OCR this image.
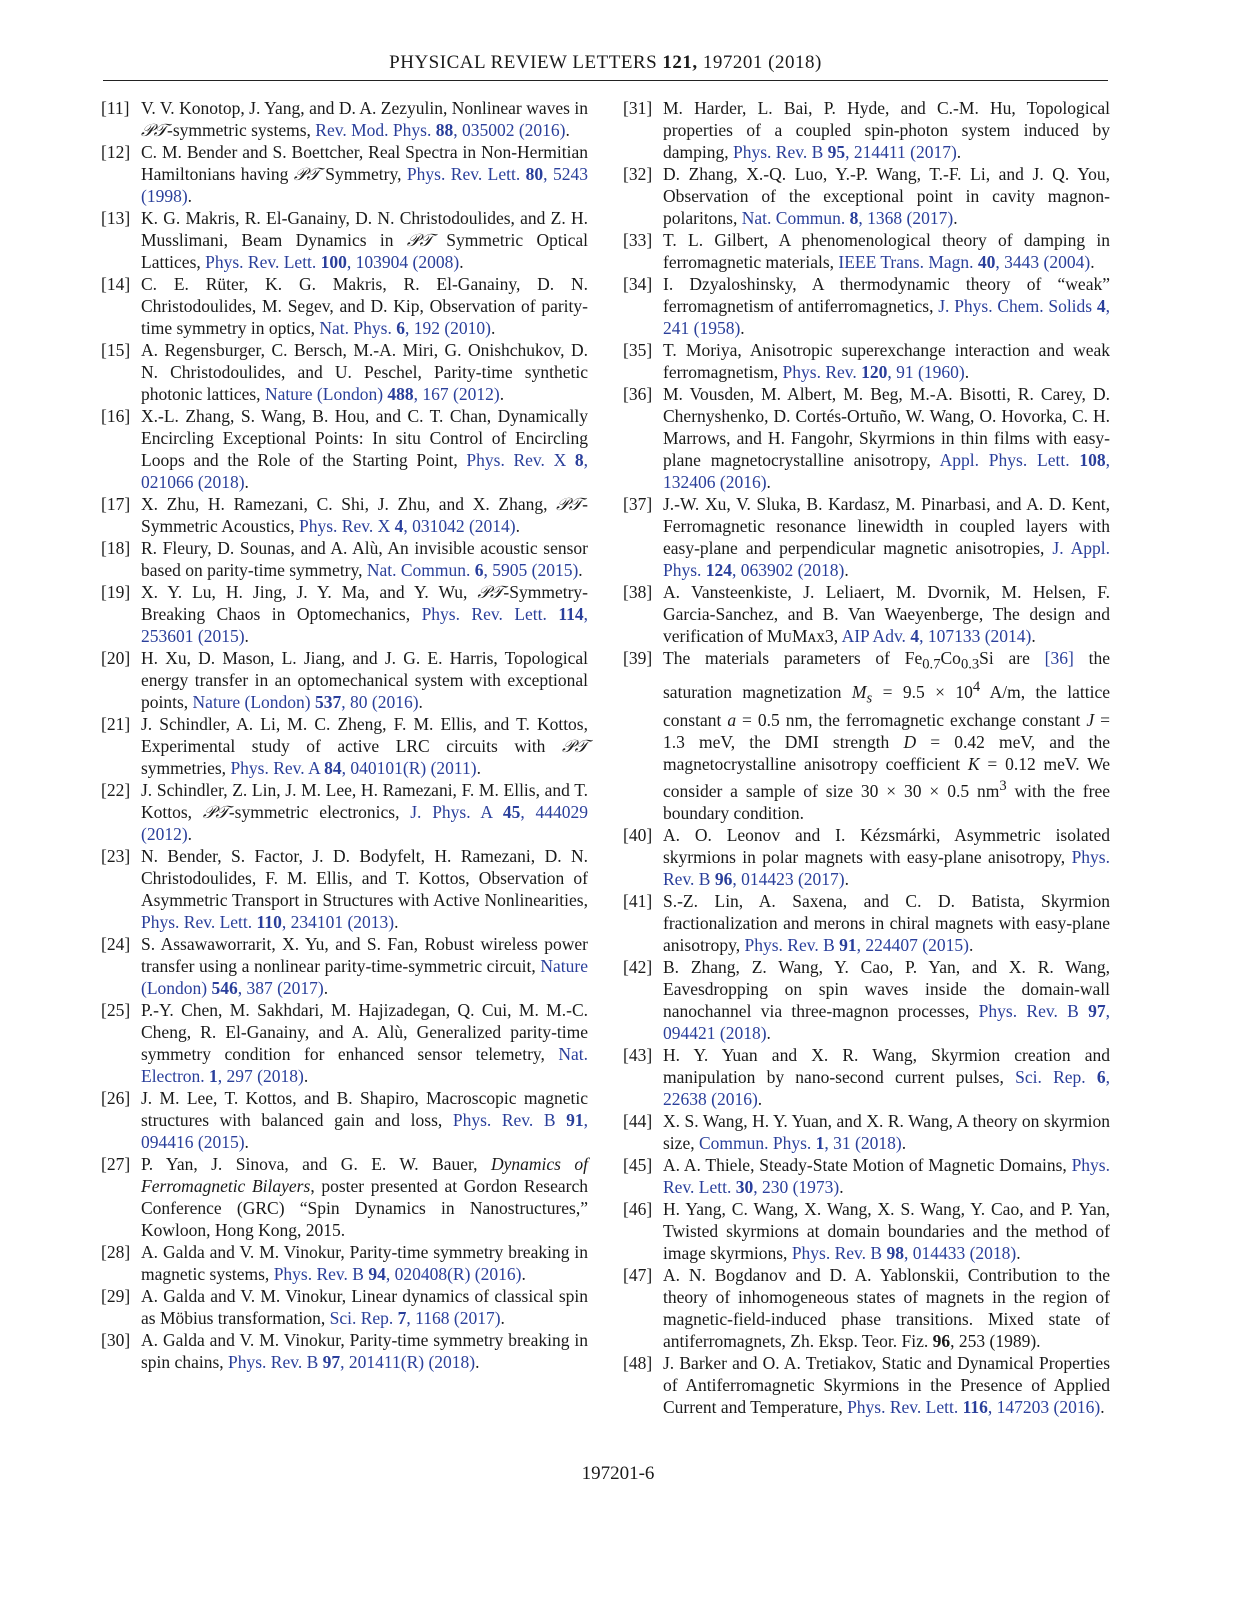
PHYSICAL REVIEW LETTERS 121, 197201 (2018)
[11] V. V. Konotop, J. Yang, and D. A. Zezyulin, Nonlinear waves in 𝒫𝒯-symmetric systems, Rev. Mod. Phys. 88, 035002 (2016).
[12] C. M. Bender and S. Boettcher, Real Spectra in Non-Hermitian Hamiltonians having 𝒫𝒯 Symmetry, Phys. Rev. Lett. 80, 5243 (1998).
[13] K. G. Makris, R. El-Ganainy, D. N. Christodoulides, and Z. H. Musslimani, Beam Dynamics in 𝒫𝒯 Symmetric Optical Lattices, Phys. Rev. Lett. 100, 103904 (2008).
[14] C. E. Rüter, K. G. Makris, R. El-Ganainy, D. N. Christodoulides, M. Segev, and D. Kip, Observation of parity-time symmetry in optics, Nat. Phys. 6, 192 (2010).
[15] A. Regensburger, C. Bersch, M.-A. Miri, G. Onishchukov, D. N. Christodoulides, and U. Peschel, Parity-time synthetic photonic lattices, Nature (London) 488, 167 (2012).
[16] X.-L. Zhang, S. Wang, B. Hou, and C. T. Chan, Dynamically Encircling Exceptional Points: In situ Control of Encircling Loops and the Role of the Starting Point, Phys. Rev. X 8, 021066 (2018).
[17] X. Zhu, H. Ramezani, C. Shi, J. Zhu, and X. Zhang, 𝒫𝒯-Symmetric Acoustics, Phys. Rev. X 4, 031042 (2014).
[18] R. Fleury, D. Sounas, and A. Alù, An invisible acoustic sensor based on parity-time symmetry, Nat. Commun. 6, 5905 (2015).
[19] X. Y. Lu, H. Jing, J. Y. Ma, and Y. Wu, 𝒫𝒯-Symmetry-Breaking Chaos in Optomechanics, Phys. Rev. Lett. 114, 253601 (2015).
[20] H. Xu, D. Mason, L. Jiang, and J. G. E. Harris, Topological energy transfer in an optomechanical system with exceptional points, Nature (London) 537, 80 (2016).
[21] J. Schindler, A. Li, M. C. Zheng, F. M. Ellis, and T. Kottos, Experimental study of active LRC circuits with 𝒫𝒯 symmetries, Phys. Rev. A 84, 040101(R) (2011).
[22] J. Schindler, Z. Lin, J. M. Lee, H. Ramezani, F. M. Ellis, and T. Kottos, 𝒫𝒯-symmetric electronics, J. Phys. A 45, 444029 (2012).
[23] N. Bender, S. Factor, J. D. Bodyfelt, H. Ramezani, D. N. Christodoulides, F. M. Ellis, and T. Kottos, Observation of Asymmetric Transport in Structures with Active Nonlinearities, Phys. Rev. Lett. 110, 234101 (2013).
[24] S. Assawaworrarit, X. Yu, and S. Fan, Robust wireless power transfer using a nonlinear parity-time-symmetric circuit, Nature (London) 546, 387 (2017).
[25] P.-Y. Chen, M. Sakhdari, M. Hajizadegan, Q. Cui, M. M.-C. Cheng, R. El-Ganainy, and A. Alù, Generalized parity-time symmetry condition for enhanced sensor telemetry, Nat. Electron. 1, 297 (2018).
[26] J. M. Lee, T. Kottos, and B. Shapiro, Macroscopic magnetic structures with balanced gain and loss, Phys. Rev. B 91, 094416 (2015).
[27] P. Yan, J. Sinova, and G. E. W. Bauer, Dynamics of Ferromagnetic Bilayers, poster presented at Gordon Research Conference (GRC) “Spin Dynamics in Nanostructures,” Kowloon, Hong Kong, 2015.
[28] A. Galda and V. M. Vinokur, Parity-time symmetry breaking in magnetic systems, Phys. Rev. B 94, 020408(R) (2016).
[29] A. Galda and V. M. Vinokur, Linear dynamics of classical spin as Möbius transformation, Sci. Rep. 7, 1168 (2017).
[30] A. Galda and V. M. Vinokur, Parity-time symmetry breaking in spin chains, Phys. Rev. B 97, 201411(R) (2018).
[31] M. Harder, L. Bai, P. Hyde, and C.-M. Hu, Topological properties of a coupled spin-photon system induced by damping, Phys. Rev. B 95, 214411 (2017).
[32] D. Zhang, X.-Q. Luo, Y.-P. Wang, T.-F. Li, and J. Q. You, Observation of the exceptional point in cavity magnon-polaritons, Nat. Commun. 8, 1368 (2017).
[33] T. L. Gilbert, A phenomenological theory of damping in ferromagnetic materials, IEEE Trans. Magn. 40, 3443 (2004).
[34] I. Dzyaloshinsky, A thermodynamic theory of “weak” ferromagnetism of antiferromagnetics, J. Phys. Chem. Solids 4, 241 (1958).
[35] T. Moriya, Anisotropic superexchange interaction and weak ferromagnetism, Phys. Rev. 120, 91 (1960).
[36] M. Vousden, M. Albert, M. Beg, M.-A. Bisotti, R. Carey, D. Chernyshenko, D. Cortés-Ortuño, W. Wang, O. Hovorka, C. H. Marrows, and H. Fangohr, Skyrmions in thin films with easy-plane magnetocrystalline anisotropy, Appl. Phys. Lett. 108, 132406 (2016).
[37] J.-W. Xu, V. Sluka, B. Kardasz, M. Pinarbasi, and A. D. Kent, Ferromagnetic resonance linewidth in coupled layers with easy-plane and perpendicular magnetic anisotropies, J. Appl. Phys. 124, 063902 (2018).
[38] A. Vansteenkiste, J. Leliaert, M. Dvornik, M. Helsen, F. Garcia-Sanchez, and B. Van Waeyenberge, The design and verification of MᴜMᴀx3, AIP Adv. 4, 107133 (2014).
[39] The materials parameters of $Fe_{0.7}Co_{0.3}Si$ are [36] the saturation magnetization $M_s = 9.5 \times 10^4$ A/m, the lattice constant a = 0.5 nm, the ferromagnetic exchange constant J = 1.3 meV, the DMI strength D = 0.42 meV, and the magnetocrystalline anisotropy coefficient K = 0.12 meV. We consider a sample of size 30 × 30 × 0.5 $nm^3$ with the free boundary condition.
[40] A. O. Leonov and I. Kézsmárki, Asymmetric isolated skyrmions in polar magnets with easy-plane anisotropy, Phys. Rev. B 96, 014423 (2017).
[41] S.-Z. Lin, A. Saxena, and C. D. Batista, Skyrmion fractionalization and merons in chiral magnets with easy-plane anisotropy, Phys. Rev. B 91, 224407 (2015).
[42] B. Zhang, Z. Wang, Y. Cao, P. Yan, and X. R. Wang, Eavesdropping on spin waves inside the domain-wall nanochannel via three-magnon processes, Phys. Rev. B 97, 094421 (2018).
[43] H. Y. Yuan and X. R. Wang, Skyrmion creation and manipulation by nano-second current pulses, Sci. Rep. 6, 22638 (2016).
[44] X. S. Wang, H. Y. Yuan, and X. R. Wang, A theory on skyrmion size, Commun. Phys. 1, 31 (2018).
[45] A. A. Thiele, Steady-State Motion of Magnetic Domains, Phys. Rev. Lett. 30, 230 (1973).
[46] H. Yang, C. Wang, X. Wang, X. S. Wang, Y. Cao, and P. Yan, Twisted skyrmions at domain boundaries and the method of image skyrmions, Phys. Rev. B 98, 014433 (2018).
[47] A. N. Bogdanov and D. A. Yablonskii, Contribution to the theory of inhomogeneous states of magnets in the region of magnetic-field-induced phase transitions. Mixed state of antiferromagnets, Zh. Eksp. Teor. Fiz. 96, 253 (1989).
[48] J. Barker and O. A. Tretiakov, Static and Dynamical Properties of Antiferromagnetic Skyrmions in the Presence of Applied Current and Temperature, Phys. Rev. Lett. 116, 147203 (2016).
197201-6
